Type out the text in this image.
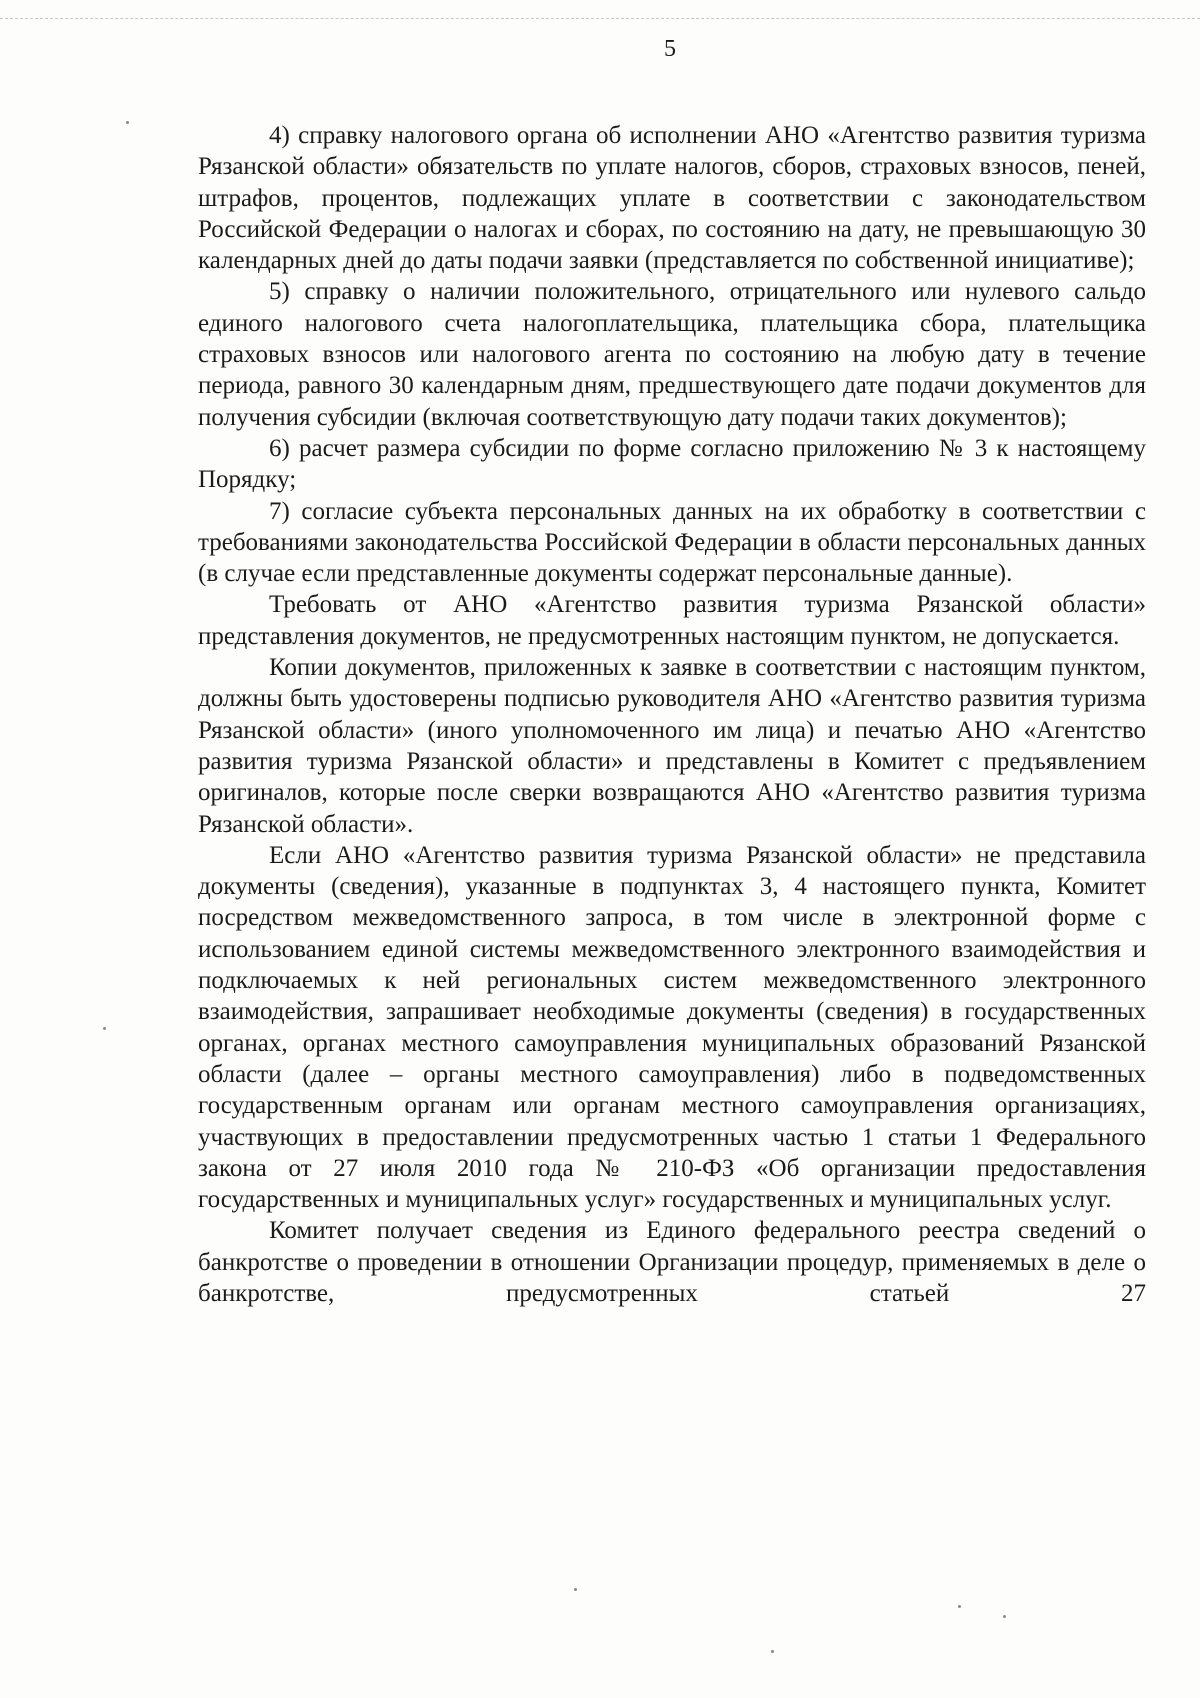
5

4) справку налогового органа об исполнении АНО «Агентство развития туризма Рязанской области» обязательств по уплате налогов, сборов, страховых взносов, пеней, штрафов, процентов, подлежащих уплате в соответствии с законодательством Российской Федерации о налогах и сборах, по состоянию на дату, не превышающую 30 календарных дней до даты подачи заявки (представляется по собственной инициативе);

5) справку о наличии положительного, отрицательного или нулевого сальдо единого налогового счета налогоплательщика, плательщика сбора, плательщика страховых взносов или налогового агента по состоянию на любую дату в течение периода, равного 30 календарным дням, предшествующего дате подачи документов для получения субсидии (включая соответствующую дату подачи таких документов);

6) расчет размера субсидии по форме согласно приложению № 3 к настоящему Порядку;

7) согласие субъекта персональных данных на их обработку в соответствии с требованиями законодательства Российской Федерации в области персональных данных (в случае если представленные документы содержат персональные данные).

Требовать от АНО «Агентство развития туризма Рязанской области» представления документов, не предусмотренных настоящим пунктом, не допускается.

Копии документов, приложенных к заявке в соответствии с настоящим пунктом, должны быть удостоверены подписью руководителя АНО «Агентство развития туризма Рязанской области» (иного уполномоченного им лица) и печатью АНО «Агентство развития туризма Рязанской области» и представлены в Комитет с предъявлением оригиналов, которые после сверки возвращаются АНО «Агентство развития туризма Рязанской области».

Если АНО «Агентство развития туризма Рязанской области» не представила документы (сведения), указанные в подпунктах 3, 4 настоящего пункта, Комитет посредством межведомственного запроса, в том числе в электронной форме с использованием единой системы межведомственного электронного взаимодействия и подключаемых к ней региональных систем межведомственного электронного взаимодействия, запрашивает необходимые документы (сведения) в государственных органах, органах местного самоуправления муниципальных образований Рязанской области (далее – органы местного самоуправления) либо в подведомственных государственным органам или органам местного самоуправления организациях, участвующих в предоставлении предусмотренных частью 1 статьи 1 Федерального закона от 27 июля 2010 года № 210-ФЗ «Об организации предоставления государственных и муниципальных услуг» государственных и муниципальных услуг.

Комитет получает сведения из Единого федерального реестра сведений о банкротстве о проведении в отношении Организации процедур, применяемых в деле о банкротстве, предусмотренных статьей 27
